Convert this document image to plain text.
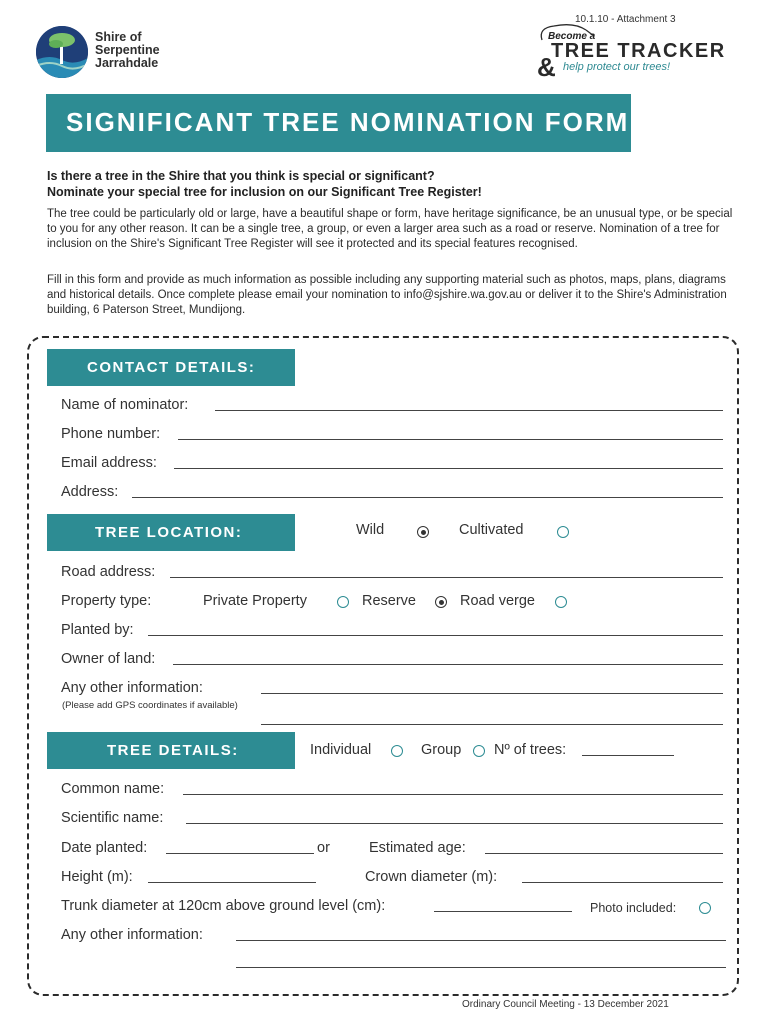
Shire of
Serpentine
Jarrahdale
10.1.10 - Attachment 3
Become a
TREE TRACKER
& help protect our trees!
SIGNIFICANT TREE NOMINATION FORM
Is there a tree in the Shire that you think is special or significant?
Nominate your special tree for inclusion on our Significant Tree Register!
The tree could be particularly old or large, have a beautiful shape or form, have heritage significance, be an unusual type, or be special to you for any other reason. It can be a single tree, a group, or even a larger area such as a road or reserve. Nomination of a tree for inclusion on the Shire's Significant Tree Register will see it protected and its special features recognised.
Fill in this form and provide as much information as possible including any supporting material such as photos, maps, plans, diagrams and historical details. Once complete please email your nomination to info@sjshire.wa.gov.au or deliver it to the Shire's Administration building, 6 Paterson Street, Mundijong.
CONTACT DETAILS:
Name of nominator:
Phone number:
Email address:
Address:
TREE LOCATION:	Wild	Cultivated
Road address:
Property type:	Private Property	Reserve	Road verge
Planted by:
Owner of land:
Any other information:
(Please add GPS coordinates if available)
TREE DETAILS:	Individual	Group Nº of trees:
Common name:
Scientific name:
Date planted:	or	Estimated age:
Height (m):	Crown diameter (m):
Trunk diameter at 120cm above ground level (cm):	Photo included:
Any other information:
Ordinary Council Meeting - 13 December 2021
